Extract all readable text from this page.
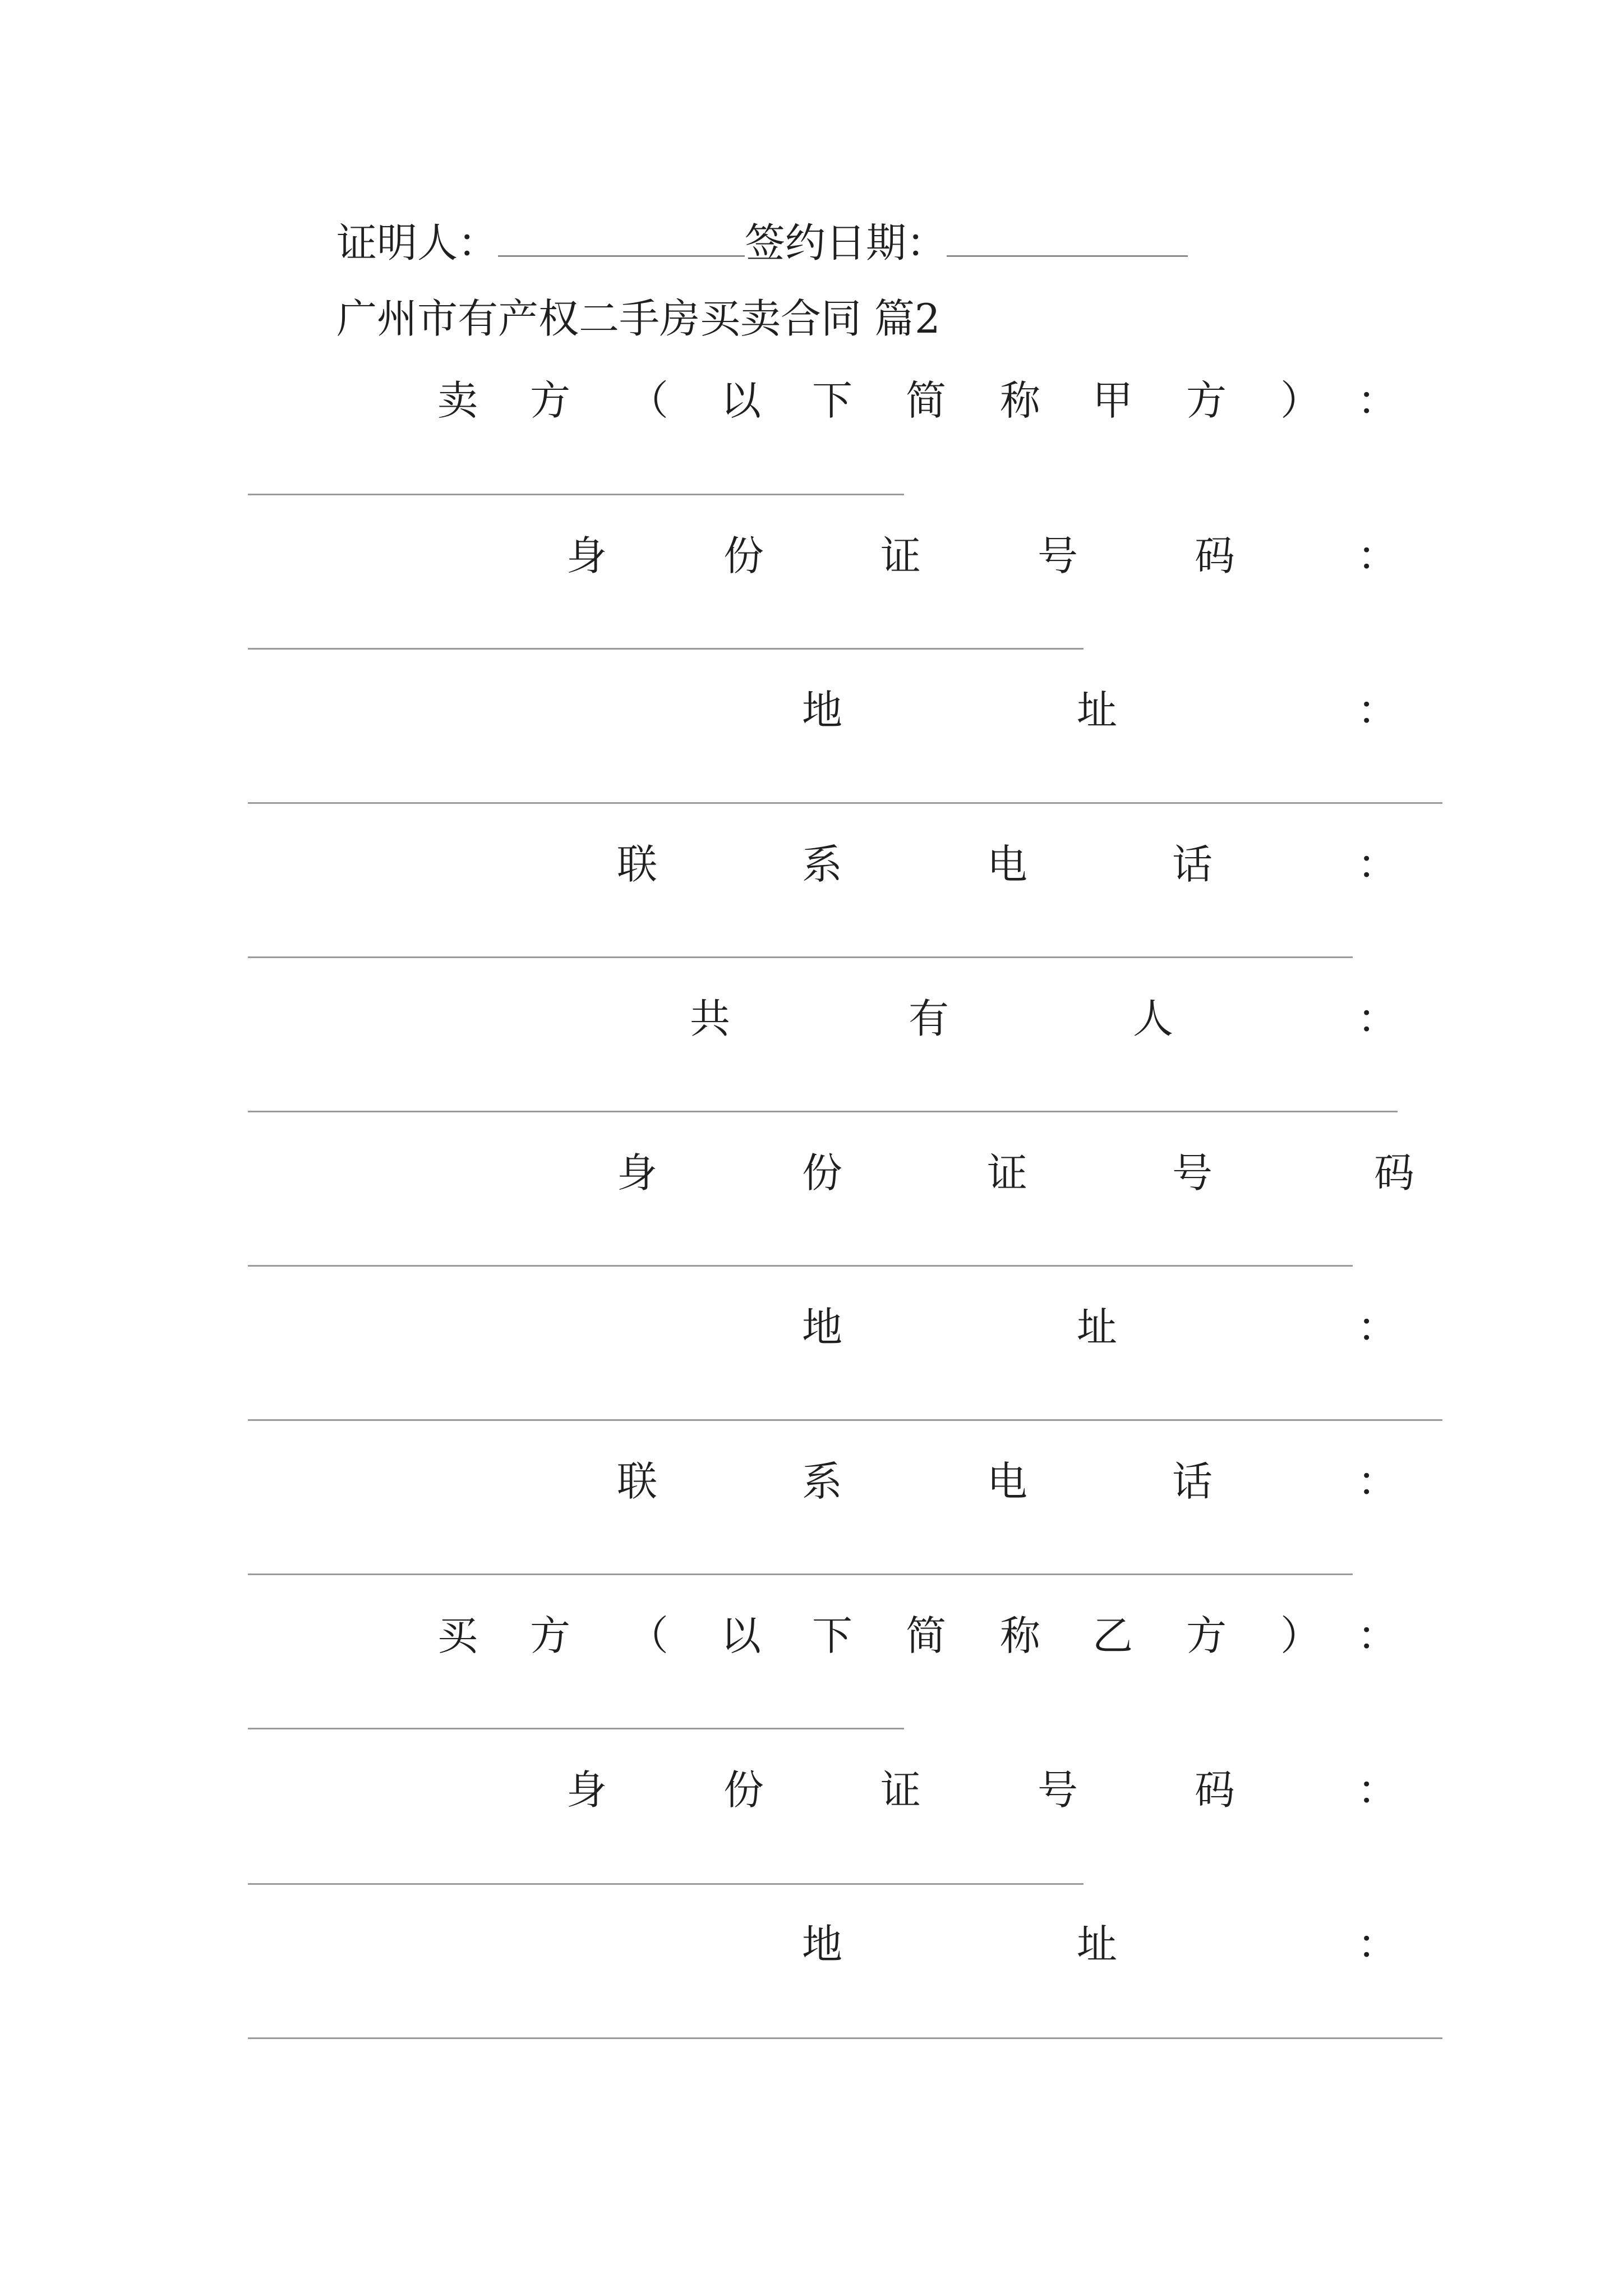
证明人：	签约日期：
广州市有产权二手房买卖合同 篇2
卖 方 （ 以 下 简 称 甲 方 ） ：
身	份	证	号	码	：
地	址	：
联	系	电	话	：
共	有	人	：
身	份	证	号	码
地	址	：
联	系	电	话	：
买 方 （ 以 下 简 称 乙 方 ） ：
身	份	证	号	码	：
地	址	：
